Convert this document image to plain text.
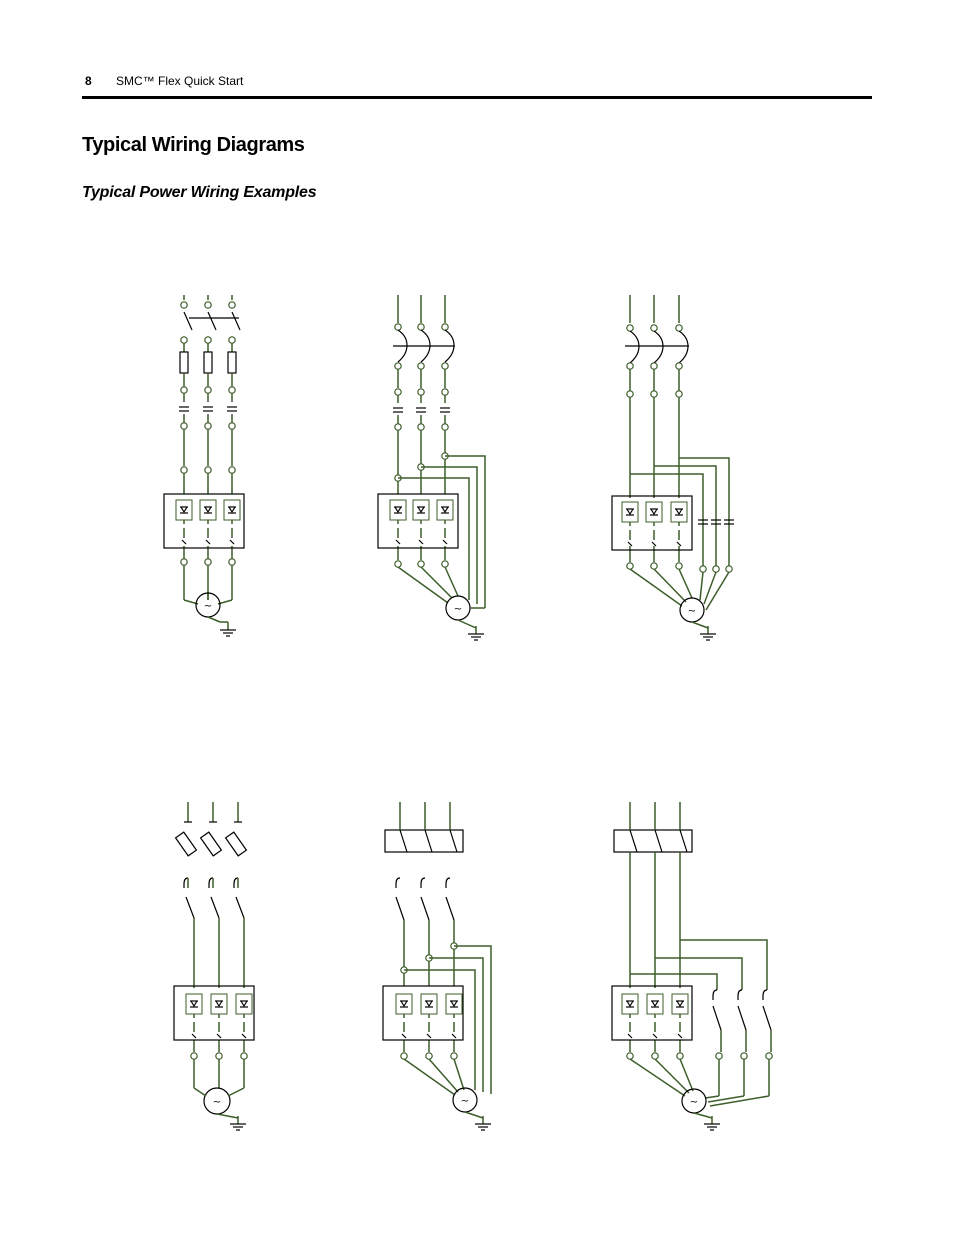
8 SMC™ Flex Quick Start
Typical Wiring Diagrams
Typical Power Wiring Examples
~	~	~
~	~	~
